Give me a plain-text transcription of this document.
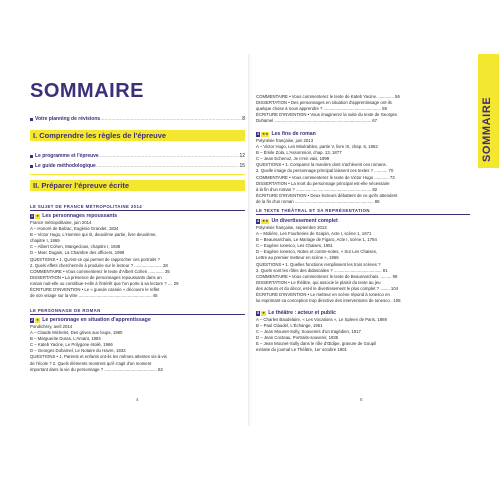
SOMMAIRE
Votre planning de révisions .....	8
I. Comprendre les règles de l'épreuve
Le programme et l'épreuve .....	12
Le guide méthodologique .....	15
II. Préparer l'épreuve écrite
LE SUJET DE FRANCE MÉTROPOLITAINE 2014
1 ★ Les personnages repoussants
France métropolitaine, juin 2014
A – Honoré de Balzac, Eugénie Grandet, 1834
B – Victor Hugo, L'Homme qui rit, deuxième partie, livre deuxième,
chapitre I, 1869
C – Albert Cohen, Mangeclous, chapitre I, 1938
D – Marc Dugain, La Chambre des officiers, 1998
QUESTIONS • 1. Qu'est-ce qui permet de rapprocher ces portraits ?
2. Quels effets cherchent-ils à produire sur le lecteur ? ....................... 28
COMMENTAIRE • Vous commenterez le texte d'Albert Cohen ............. 35
DISSERTATION • La présence de personnages repoussants dans un
roman nuit-elle ou contribue-t-elle à l'intérêt que l'on porte à sa lecture ? .... 29
ÉCRITURE D'INVENTION • Le « gueule cassée » découvre le reflet
de son visage sur la vitre ............................................................. 45
LE PERSONNAGE DE ROMAN
2 ★ Le personnage en situation d'apprentissage
Pondichéry, avril 2014
A – Claude Michelet, Des grives aux loups, 1980
B – Marguerite Duras, L'Amant, 1984
C – Kateb Yacine, Le Polygone étoilé, 1966
D – Georges Duhamel, Le Notaire du Havre, 1933
QUESTIONS • 1. Parents et enfants ont-ils les mêmes attentes vis-à-vis
de l'école ? 2. Quels éléments montrent qu'il s'agit d'un moment
important dans la vie du personnage ? ............................................ 53
4
COMMENTAIRE • Vous commenterez le texte de Kateb Yacine. ............. 56
DISSERTATION • Des personnages en situation d'apprentissage ont-ils
quelque chose à nous apprendre ? ................................................ 59
ÉCRITURE D'INVENTION • Vous imaginerez la suite du texte de Georges
Duhamel ................................................................................. 67
3 ★★ Les fins de roman
Polynésie française, juin 2013
A – Victor Hugo, Les Misérables, partie V, livre IX, chap. 5, 1862
B – Émile Zola, L'Assommoir, chap. 13, 1877
C – Jean Echenoz, Je m'en vais, 1999
QUESTIONS • 1. Comparez la manière dont s'achèvent ces romans.
2. Quelle image du personnage principal laissent ces textes ? ........... 70
COMMENTAIRE • Vous commenterez le texte de Victor Hugo ............ 73
DISSERTATION • La mort du personnage principal est-elle nécessaire
à la fin d'un roman ? ............................................................... 82
ÉCRITURE D'INVENTION • Deux lecteurs débattent de ce qu'ils attendent
de la fin d'un roman .................................................................. 88
LE TEXTE THÉÂTRAL ET SA REPRÉSENTATION
4 ★★ Un divertissement complet
Polynésie française, septembre 2013
A – Molière, Les Fourberies de Scapin, Acte I, scène 1, 1671
B – Beaumarchais, Le Mariage de Figaro, Acte I, scène 1, 1784
C – Eugène Ionesco, Les Chaises, 1951
D – Eugène Ionesco, Notes et contre-notes, « Sur Les Chaises,
Lettre au premier metteur en scène », 1966
QUESTIONS • 1. Quelles fonctions remplissent les trois scènes ?
2. Quels sont les rôles des didascalies ? ........................................ 91
COMMENTAIRE • Vous commenterez le texte de Beaumarchais. ......... 99
DISSERTATION • Le théâtre, qui associe le plaisir du texte au jeu
des acteurs et du décor, est-il le divertissement le plus complet ? ........ 104
ÉCRITURE D'INVENTION • Le metteur en scène répond à Ionesco en
lui exprimant sa conception trop directive des interventions de Ionesco . 108
5 ★ Le théâtre : acteur et public
A – Charles Baudelaire, « Les Vocations », Le Spleen de Paris, 1869
B – Paul Claudel, L'Échange, 1951
C – Jean Mounet-Sully, Souvenirs d'un tragédien, 1917
D – Jean Cocteau, Portraits-souvenir, 1935
E – Jean Mounet-Sully dans le rôle d'Œdipe, gravure de Goupil
extraite du journal Le Théâtre, 1er octobre 1901
5
SOMMAIRE
